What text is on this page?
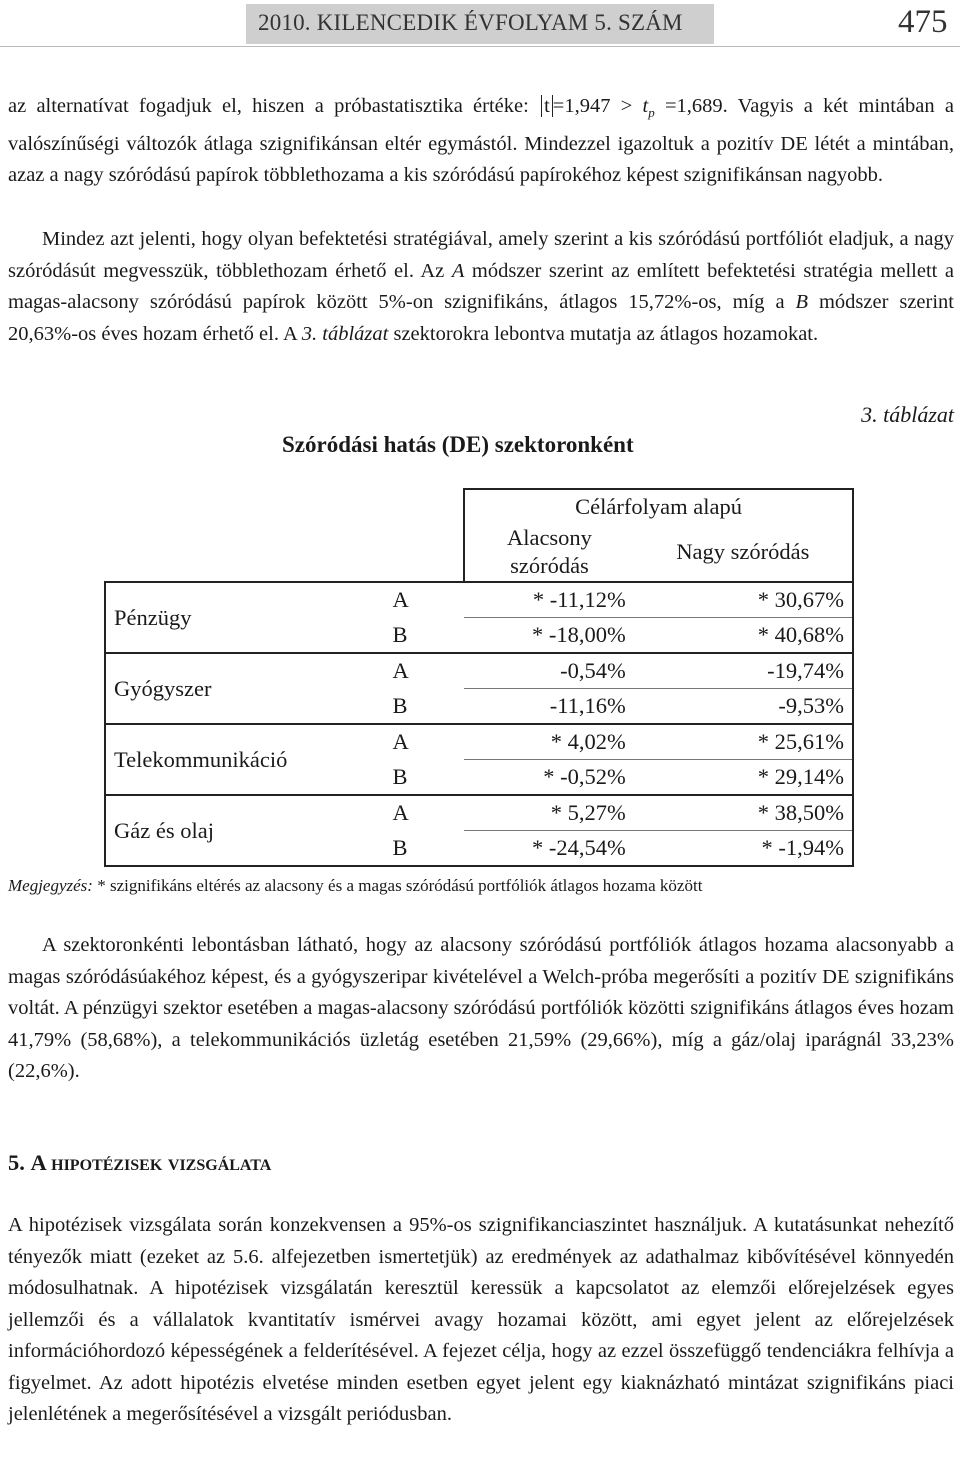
2010. KILENCEDIK ÉVFOLYAM 5. SZÁM	475

az alternatívat fogadjuk el, hiszen a próbastatisztika értéke: $t =1,947 > t_p =1,689$. Vagyis a két mintában a valószínűségi változók átlaga szignifikánsan eltér egymástól. Mindezzel igazoltuk a pozitív DE létét a mintában, azaz a nagy szóródású papírok többlethozama a kis szóródású papírokéhoz képest szignifikánsan nagyobb.

Mindez azt jelenti, hogy olyan befektetési stratégiával, amely szerint a kis szóródású portfóliót eladjuk, a nagy szóródásút megvesszük, többlethozam érhető el. Az A módszer szerint az említett befektetési stratégia mellett a magas-alacsony szóródású papírok között 5%-on szignifikáns, átlagos 15,72%-os, míg a B módszer szerint 20,63%-os éves hozam érhető el. A 3. táblázat szektorokra lebontva mutatja az átlagos hozamokat.

3. táblázat
Szóródási hatás (DE) szektoronként
		Célárfolyam alapú	
		Alacsony szóródás	Nagy szóródás
Pénzügy	A	* -11,12%	* 30,67%
	B	* -18,00%	* 40,68%
Gyógyszer	A	-0,54%	-19,74%
	B	-11,16%	-9,53%
Telekommunikáció	A	* 4,02%	* 25,61%
	B	* -0,52%	* 29,14%
Gáz és olaj	A	* 5,27%	* 38,50%
	B	* -24,54%	* -1,94%
Megjegyzés: * szignifikáns eltérés az alacsony és a magas szóródású portfóliók átlagos hozama között

A szektoronkénti lebontásban látható, hogy az alacsony szóródású portfóliók átlagos hozama alacsonyabb a magas szóródásúakéhoz képest, és a gyógyszeripar kivételével a Welch-próba megerősíti a pozitív DE szignifikáns voltát. A pénzügyi szektor esetében a magas-alacsony szóródású portfóliók közötti szignifikáns átlagos éves hozam 41,79% (58,68%), a telekommunikációs üzletág esetében 21,59% (29,66%), míg a gáz/olaj iparágnál 33,23% (22,6%).

5. A hipotézisek vizsgálata

A hipotézisek vizsgálata során konzekvensen a 95%-os szignifikanciaszintet használjuk. A kutatásunkat nehezítő tényezők miatt (ezeket az 5.6. alfejezetben ismertetjük) az eredmények az adathalmaz kibővítésével könnyedén módosulhatnak. A hipotézisek vizsgálatán keresztül keressük a kapcsolatot az elemzői előrejelzések egyes jellemzői és a vállalatok kvantitatív ismérvei avagy hozamai között, ami egyet jelent az előrejelzések információhordozó képességének a felderítésével. A fejezet célja, hogy az ezzel összefüggő tendenciákra felhívja a figyelmet. Az adott hipotézis elvetése minden esetben egyet jelent egy kiaknázható mintázat szignifikáns piaci jelenlétének a megerősítésével a vizsgált periódusban.
